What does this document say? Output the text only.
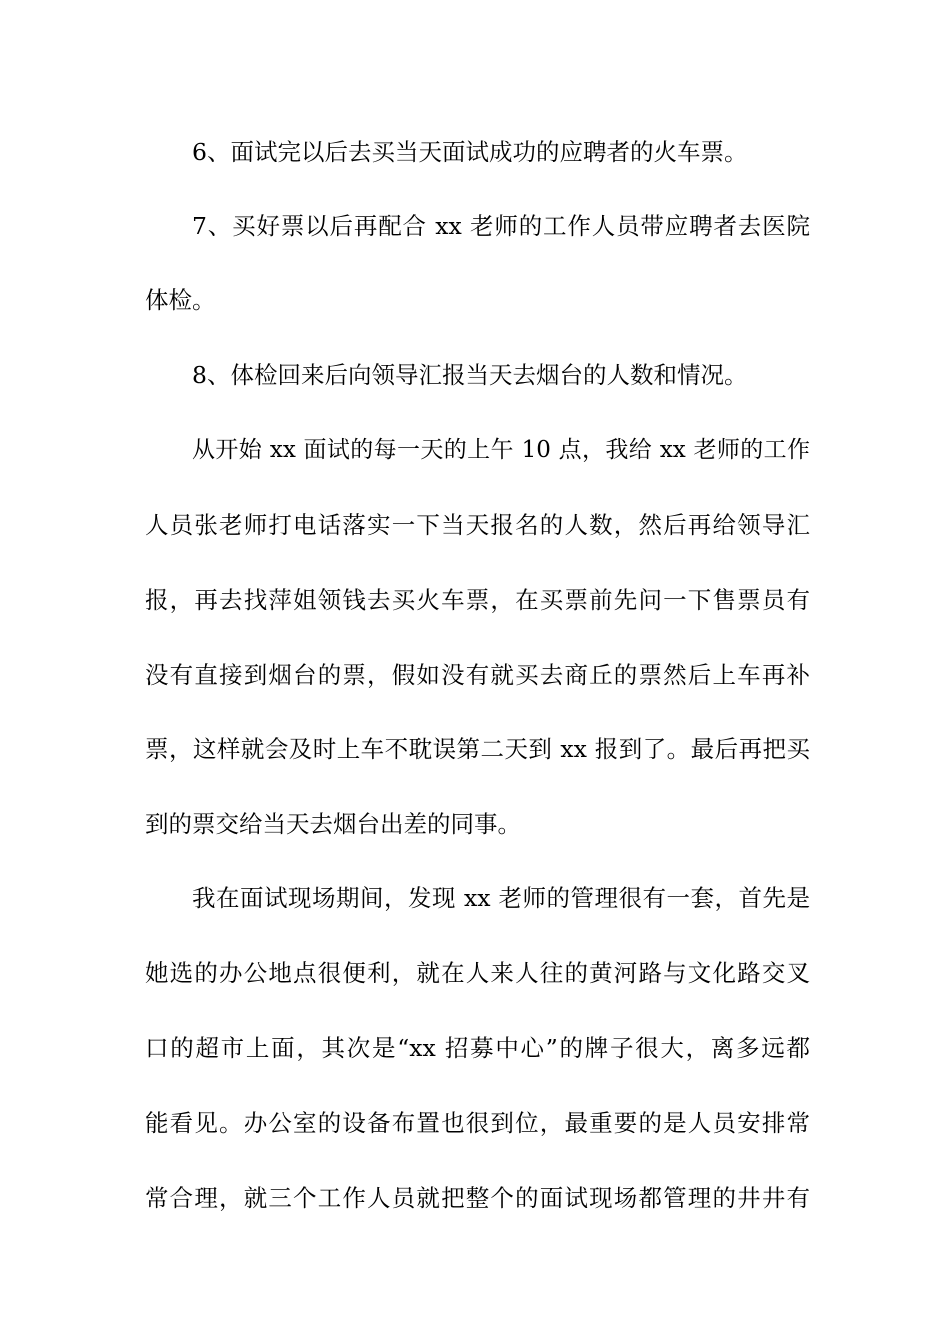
6、面试完以后去买当天面试成功的应聘者的火车票。
7、买好票以后再配合 xx 老师的工作人员带应聘者去医院
体检。
8、体检回来后向领导汇报当天去烟台的人数和情况。
从开始 xx 面试的每一天的上午 10 点，我给 xx 老师的工作
人员张老师打电话落实一下当天报名的人数，然后再给领导汇
报，再去找萍姐领钱去买火车票，在买票前先问一下售票员有
没有直接到烟台的票，假如没有就买去商丘的票然后上车再补
票，这样就会及时上车不耽误第二天到 xx 报到了。最后再把买
到的票交给当天去烟台出差的同事。
我在面试现场期间，发现 xx 老师的管理很有一套，首先是
她选的办公地点很便利，就在人来人往的黄河路与文化路交叉
口的超市上面，其次是“xx 招募中心”的牌子很大，离多远都
能看见。办公室的设备布置也很到位，最重要的是人员安排常
常合理，就三个工作人员就把整个的面试现场都管理的井井有
